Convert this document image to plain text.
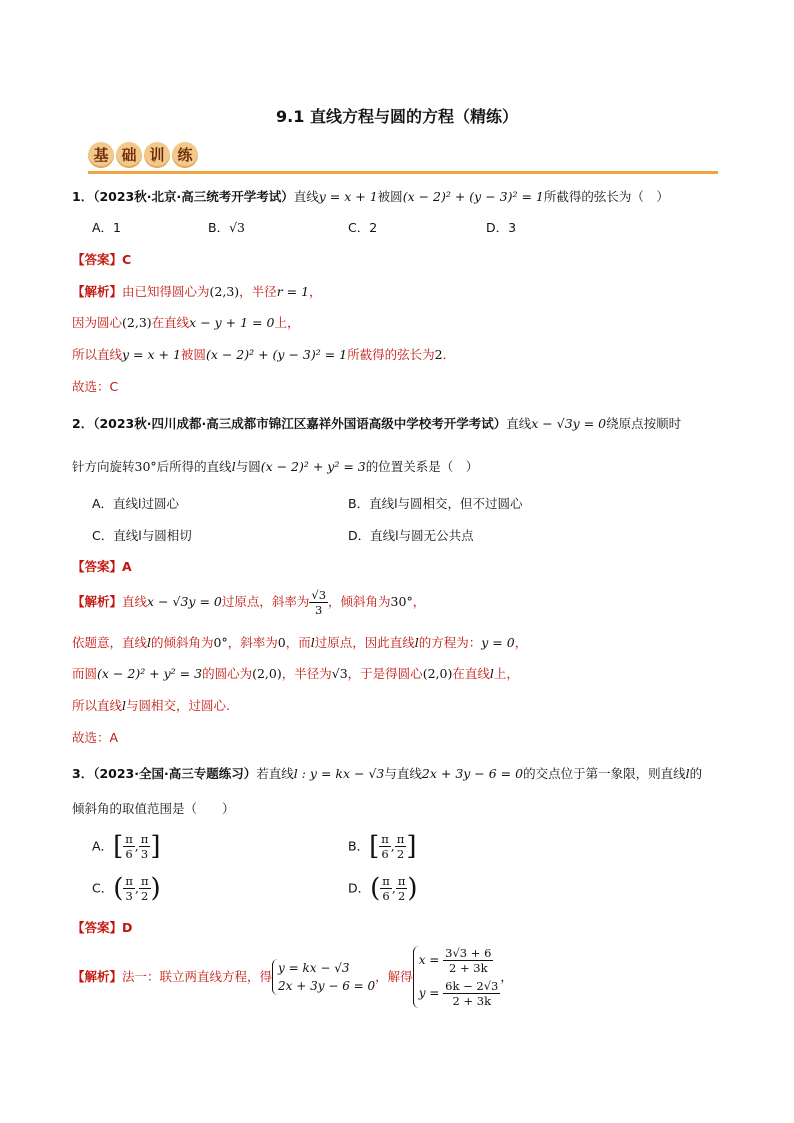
9.1 直线方程与圆的方程（精练）
基 础 训 练
1．（2023秋·北京·高三统考开学考试）直线y = x + 1被圆(x − 2)² + (y − 3)² = 1所截得的弦长为（　）
A．1	B．√3	C．2	D．3
【答案】C
【解析】由已知得圆心为(2,3)，半径r = 1，
因为圆心(2,3)在直线x − y + 1 = 0上，
所以直线y = x + 1被圆(x − 2)² + (y − 3)² = 1所截得的弦长为2．
故选：C
2．（2023秋·四川成都·高三成都市锦江区嘉祥外国语高级中学校考开学考试）直线x − √3y = 0绕原点按顺时
针方向旋转30°后所得的直线l与圆(x − 2)² + y² = 3的位置关系是（　）
A．直线l过圆心	B．直线l与圆相交，但不过圆心
C．直线l与圆相切	D．直线l与圆无公共点
【答案】A
【解析】直线x − √3y = 0过原点，斜率为 $\frac{√3}{3}$ ，倾斜角为30°，
依题意，直线l的倾斜角为0°，斜率为0，而l过原点，因此直线l的方程为：y = 0，
而圆(x − 2)² + y² = 3的圆心为(2,0)，半径为√3，于是得圆心(2,0)在直线l上，
所以直线l与圆相交，过圆心.
故选：A
3．（2023·全国·高三专题练习）若直线l : y = kx − √3与直线2x + 3y − 6 = 0的交点位于第一象限，则直线l的
倾斜角的取值范围是（　　）
A．[ $\frac{\pi}{6}$ , $\frac{\pi}{3}$ ]	B．[ $\frac{\pi}{6}$ , $\frac{\pi}{2}$ ]
C．( $\frac{\pi}{3}$ , $\frac{\pi}{2}$ )	D．( $\frac{\pi}{6}$ , $\frac{\pi}{2}$ )
【答案】D
【解析】法一：联立两直线方程，得
y = kx − √3
2x + 3y − 6 = 0
，解得
$x = \frac{3√3 + 6}{2 + 3k}$
$y = \frac{6k - 2√3}{2 + 3k}$
，
